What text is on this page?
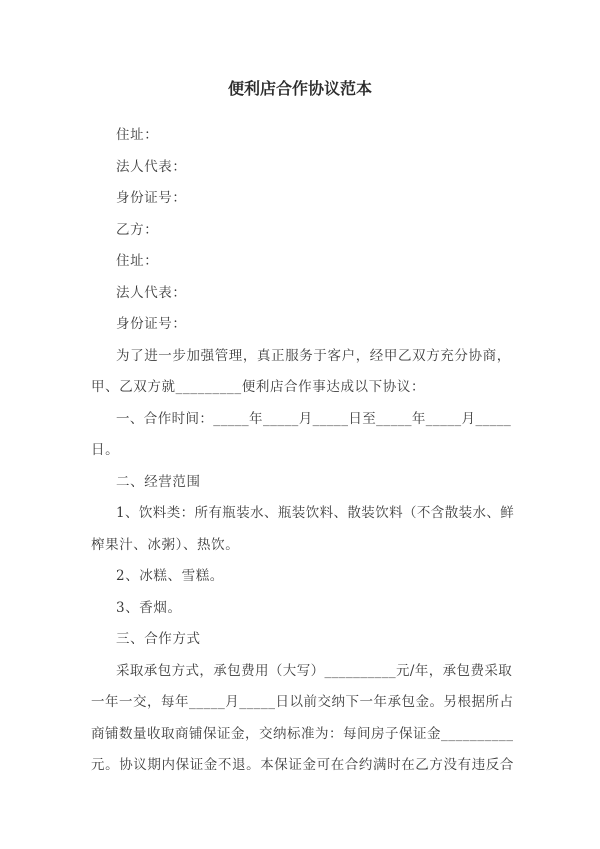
便利店合作协议范本
住址：
法人代表：
身份证号：
乙方：
住址：
法人代表：
身份证号：
为了进一步加强管理，真正服务于客户，经甲乙双方充分协商，
甲、乙双方就_________便利店合作事达成以下协议：
一、合作时间：_____年_____月_____日至_____年_____月_____
日。
二、经营范围
1、饮料类：所有瓶装水、瓶装饮料、散装饮料（不含散装水、鲜
榨果汁、冰粥）、热饮。
2、冰糕、雪糕。
3、香烟。
三、合作方式
采取承包方式，承包费用（大写）__________元/年，承包费采取
一年一交，每年_____月_____日以前交纳下一年承包金。另根据所占
商铺数量收取商铺保证金，交纳标准为：每间房子保证金__________
元。协议期内保证金不退。本保证金可在合约满时在乙方没有违反合
